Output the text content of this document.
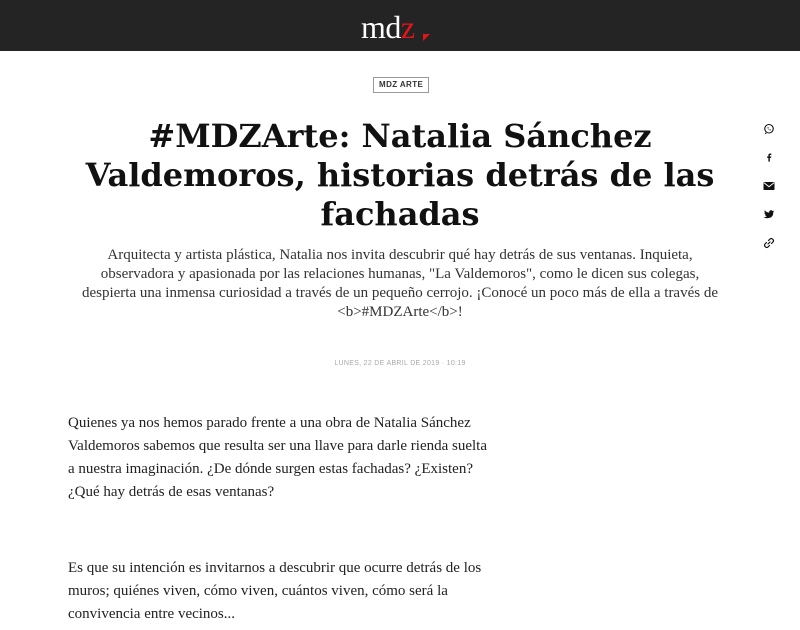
md z
MDZ ARTE
#MDZArte: Natalia Sánchez Valdemoros, historias detrás de las fachadas

Arquitecta y artista plástica, Natalia nos invita descubrir qué hay detrás de sus ventanas. Inquieta, observadora y apasionada por las relaciones humanas, "La Valdemoros", como le dicen sus colegas, despierta una inmensa curiosidad a través de un pequeño cerrojo. ¡Conocé un poco más de ella a través de <b>#MDZArte</b>!

LUNES, 22 DE ABRIL DE 2019 · 10:19

Quienes ya nos hemos parado frente a una obra de Natalia Sánchez Valdemoros sabemos que resulta ser una llave para darle rienda suelta a nuestra imaginación. ¿De dónde surgen estas fachadas? ¿Existen? ¿Qué hay detrás de esas ventanas?

Es que su intención es invitarnos a descubrir que ocurre detrás de los muros; quiénes viven, cómo viven, cuántos viven, cómo será la convivencia entre vecinos...
